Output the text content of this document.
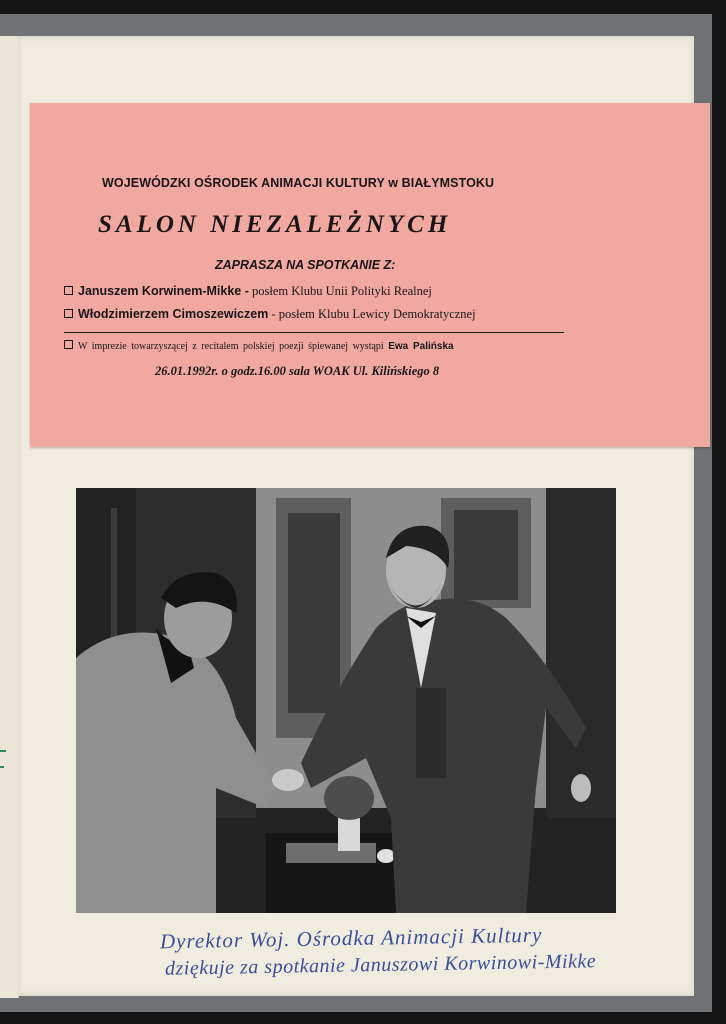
WOJEWÓDZKI OŚRODEK ANIMACJI KULTURY w BIAŁYMSTOKU
SALON NIEZALEŻNYCH
ZAPRASZA NA SPOTKANIE Z:
Januszem Korwinem-Mikke - posłem Klubu Unii Polityki Realnej
Włodzimierzem Cimoszewiczem - posłem Klubu Lewicy Demokratycznej
W imprezie towarzyszącej z recitalem polskiej poezji śpiewanej wystąpi Ewa Palińska
26.01.1992r. o godz.16.00 sala WOAK Ul. Kilińskiego 8
Dyrektor Woj. Ośrodka Animacji Kultury
dziękuje za spotkanie Januszowi Korwinowi-Mikke
